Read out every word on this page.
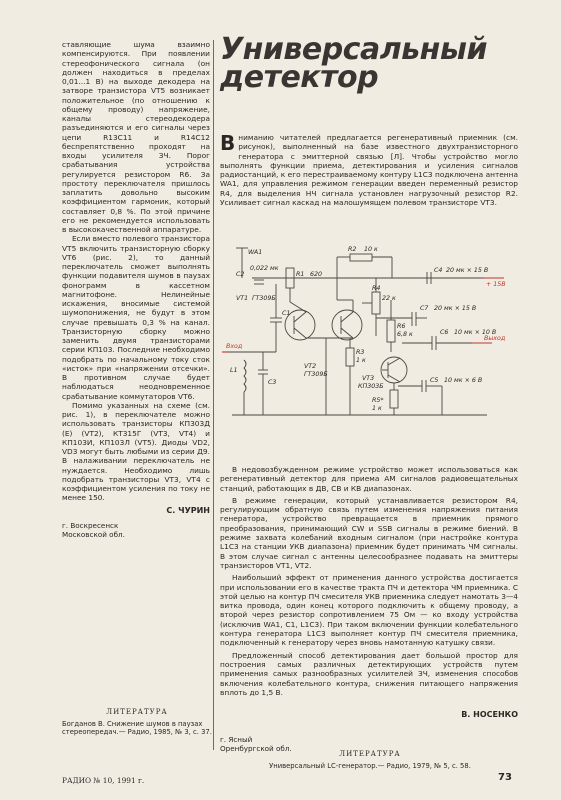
ставляющие шума взаимно компенсируются. При появлении стереофонического сигнала (он должен находиться в пределах 0,01...1 В) на выходе декодера на затворе транзистора VT5 возникает положительное (по отношению к общему проводу) напряжение, каналы стереодекодера разъединяются и его сигналы через цепи R13C11 и R14C12 беспрепятственно проходят на входы усилителя ЗЧ. Порог срабатывания устройства регулируется резистором R6. За простоту переключателя пришлось заплатить довольно высоким коэффициентом гармоник, который составляет 0,8 %. По этой причине его не рекомендуется использовать в высококачественной аппаратуре.

Если вместо полевого транзистора VT5 включить транзисторную сборку VT6 (рис. 2), то данный переключатель сможет выполнять функции подавителя шумов в паузах фонограмм в кассетном магнитофоне. Нелинейные искажения, вносимые системой шумопонижения, не будут в этом случае превышать 0,3 % на канал. Транзисторную сборку можно заменить двумя транзисторами серии КП103. Последние необходимо подобрать по начальному току сток «исток» при «напряжении отсечки». В противном случае будет наблюдаться неодновременное срабатывание коммутаторов VT6.

Помимо указанных на схеме (см. рис. 1), в переключателе можно использовать транзисторы КП303Д (Е) (VT2), КТ315Г (VT3, VT4) и КП103И, КП103Л (VT5). Диоды VD2, VD3 могут быть любыми из серии Д9. В налаживании переключатель не нуждается. Необходимо лишь подобрать транзисторы VT3, VT4 с коэффициентом усиления по току не менее 150.

С. ЧУРИН
г. Воскресенск
Московской обл.
ЛИТЕРАТУРА
Богданов В. Снижение шумов в паузах стереопередач.— Радио, 1985, № 3, с. 37.
Универсальный
детектор
В ниманию читателей предлагается регенеративный приемник (см. рисунок), выполненный на базе известного двухтранзисторного генератора с эмиттерной связью [Л]. Чтобы устройство могло выполнять функции приема, детектирования и усиления сигналов радиостанций, к его перестраиваемому контуру L1C3 подключена антенна WA1, для управления режимом генерации введен переменный резистор R4, для выделения НЧ сигнала установлен нагрузочный резистор R2. Усиливает сигнал каскад на малошумящем полевом транзисторе VT3.
WA1
C2
0,022 мк
R1 620
VT1 ГТ309Б
C1
R2 10 к
C4 20 мк × 15 В
+ 15В
R3
1 к
R4
22 к
R6
6,8 к
C7 20 мк × 15 В
C6 10 мк × 10 В
Выход
Вход
L1
C3
VT2
ГТ309Б
VT3
КП303Б
R5*
1 к
C5 10 мк × 6 В

В недовозбужденном режиме устройство может использоваться как регенеративный детектор для приема AM сигналов радиовещательных станций, работающих в ДВ, СВ и КВ диапазонах.

В режиме генерации, который устанавливается резистором R4, регулирующим обратную связь путем изменения напряжения питания генератора, устройство превращается в приемник прямого преобразования, принимающий CW и SSB сигналы в режиме биений. В режиме захвата колебаний входным сигналом (при настройке контура L1C3 на станции УКВ диапазона) приемник будет принимать ЧМ сигналы. В этом случае сигнал с антенны целесообразнее подавать на эмиттеры транзисторов VT1, VT2.

Наибольший эффект от применения данного устройства достигается при использовании его в качестве тракта ПЧ и детектора ЧМ приемника. С этой целью на контур ПЧ смесителя УКВ приемника следует намотать 3—4 витка провода, один конец которого подключить к общему проводу, а второй через резистор сопротивлением 75 Ом — ко входу устройства (исключив WA1, C1, L1C3). При таком включении функции колебательного контура генератора L1C3 выполняет контур ПЧ смесителя приемника, подключенный к генератору через вновь намотанную катушку связи.

Предложенный способ детектирования дает большой простор для построения самых различных детектирующих устройств путем применения самых разнообразных усилителей ЗЧ, изменения способов включения колебательного контура, снижения питающего напряжения вплоть до 1,5 В.

В. НОСЕНКО
г. Ясный
Оренбургской обл.
ЛИТЕРАТУРА
Универсальный LC-генератор.— Радио, 1979, № 5, с. 58.
РАДИО № 10, 1991 г.	73
